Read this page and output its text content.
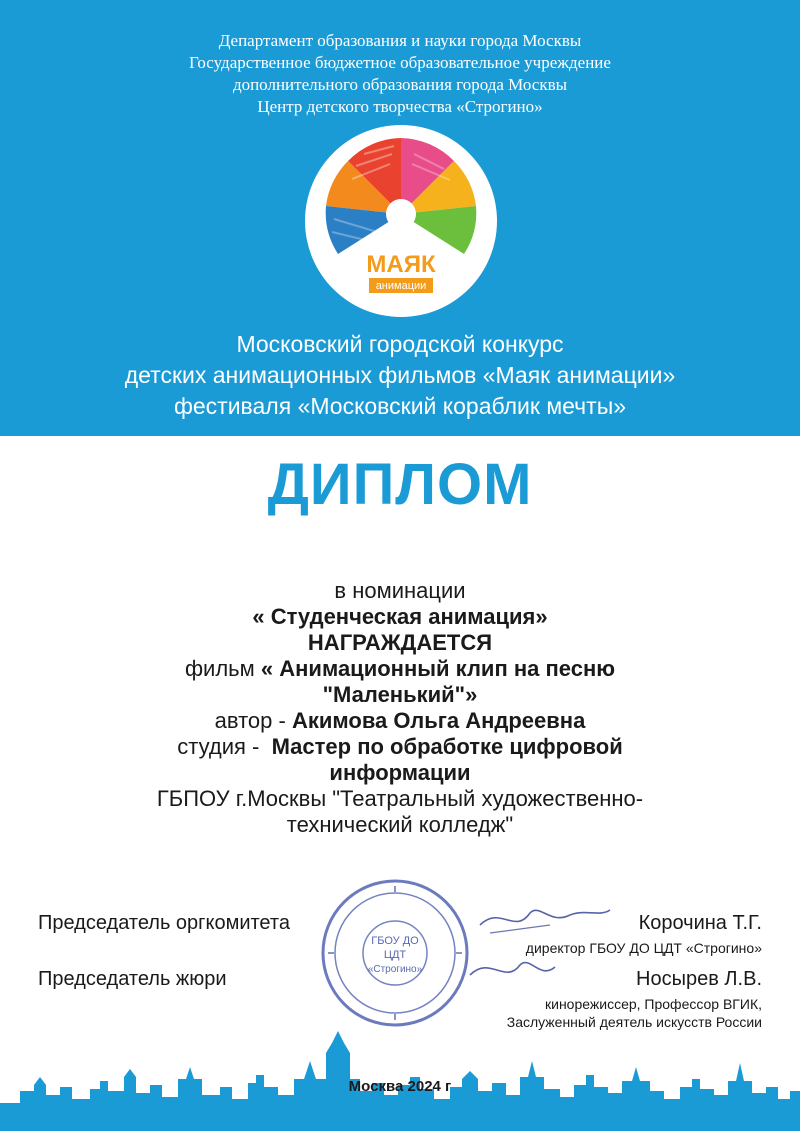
Департамент образования и науки города Москвы
Государственное бюджетное образовательное учреждение
дополнительного образования города Москвы
Центр детского творчества «Строгино»
МАЯК
анимации
Московский городской конкурс
детских анимационных фильмов «Маяк анимации»
фестиваля «Московский кораблик мечты»
ДИПЛОМ
в номинации
« Студенческая анимация»
НАГРАЖДАЕТСЯ
фильм « Анимационный клип на песню
"Маленький"»
автор - Акимова Ольга Андреевна
студия - Мастер по обработке цифровой
информации
ГБПОУ г.Москвы "Театральный художественно-
технический колледж"
ГБОУ ДО
ЦДТ
«Строгино»
Председатель оргкомитета	Корочина Т.Г.
директор ГБОУ ДО ЦДТ «Строгино»
Председатель жюри	Носырев Л.В.
кинорежиссер, Профессор ВГИК,
Заслуженный деятель искусств России
Москва 2024 г
